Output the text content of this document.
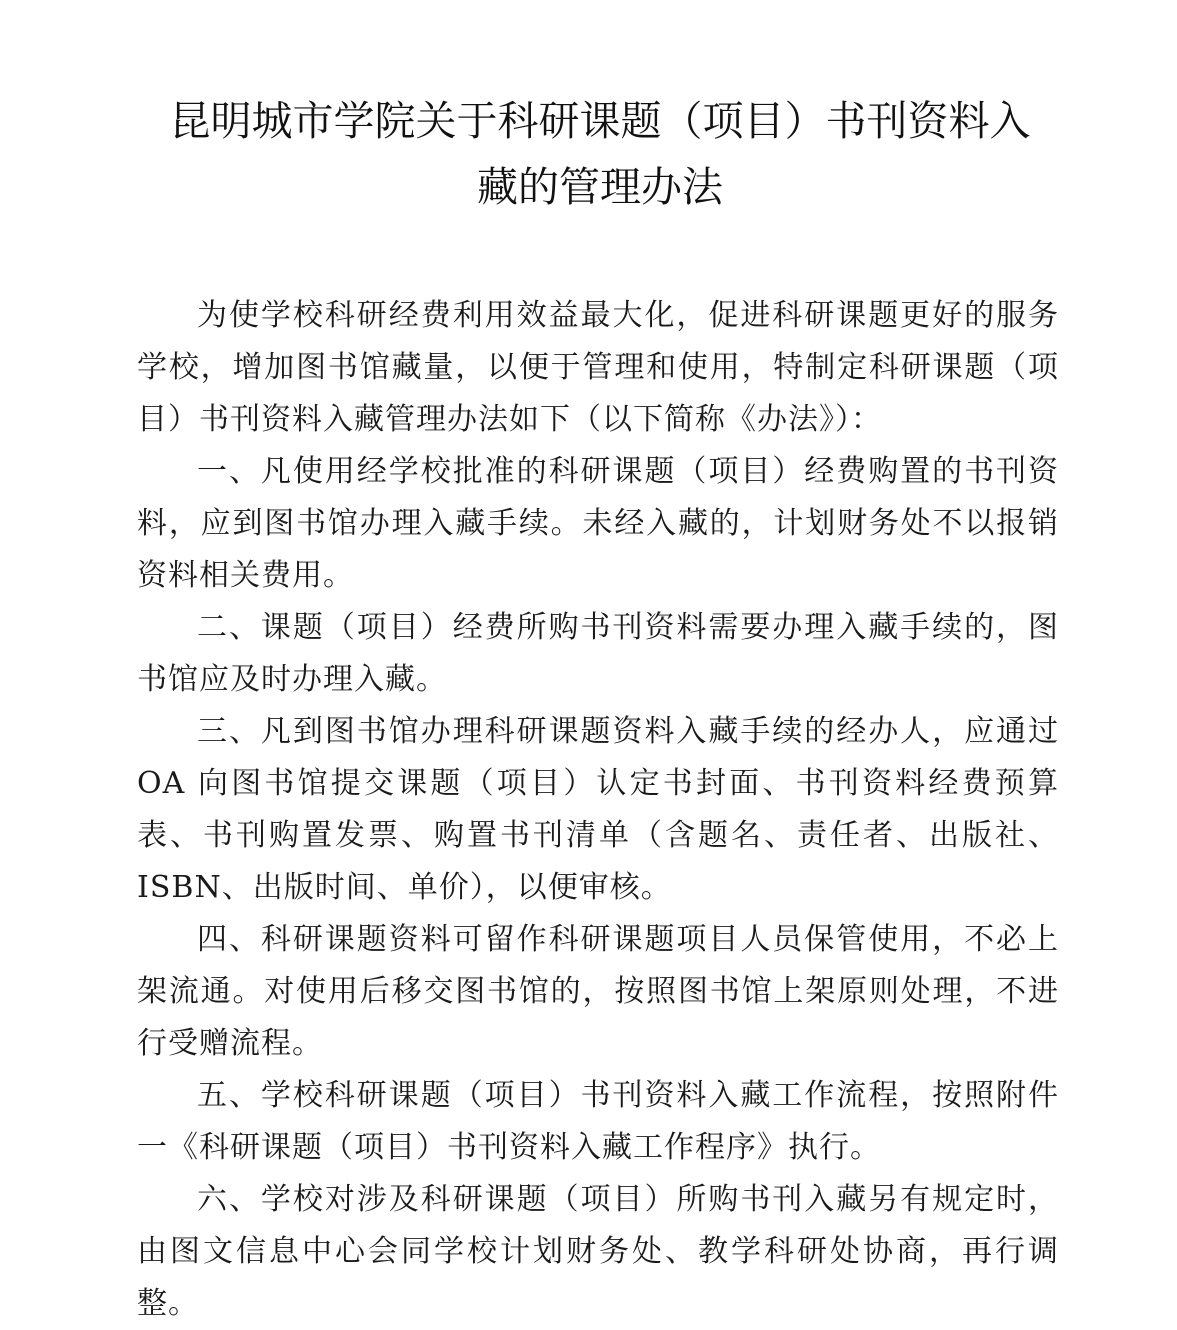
昆明城市学院关于科研课题（项目）书刊资料入
藏的管理办法

为使学校科研经费利用效益最大化，促进科研课题更好的服务学校，增加图书馆藏量，以便于管理和使用，特制定科研课题（项目）书刊资料入藏管理办法如下（以下简称《办法》）：

一、凡使用经学校批准的科研课题（项目）经费购置的书刊资料，应到图书馆办理入藏手续。未经入藏的，计划财务处不以报销资料相关费用。

二、课题（项目）经费所购书刊资料需要办理入藏手续的，图书馆应及时办理入藏。

三、凡到图书馆办理科研课题资料入藏手续的经办人，应通过OA 向图书馆提交课题（项目）认定书封面、书刊资料经费预算表、书刊购置发票、购置书刊清单（含题名、责任者、出版社、ISBN、出版时间、单价），以便审核。

四、科研课题资料可留作科研课题项目人员保管使用，不必上架流通。对使用后移交图书馆的，按照图书馆上架原则处理，不进行受赠流程。

五、学校科研课题（项目）书刊资料入藏工作流程，按照附件一《科研课题（项目）书刊资料入藏工作程序》执行。

六、学校对涉及科研课题（项目）所购书刊入藏另有规定时，由图文信息中心会同学校计划财务处、教学科研处协商，再行调整。
